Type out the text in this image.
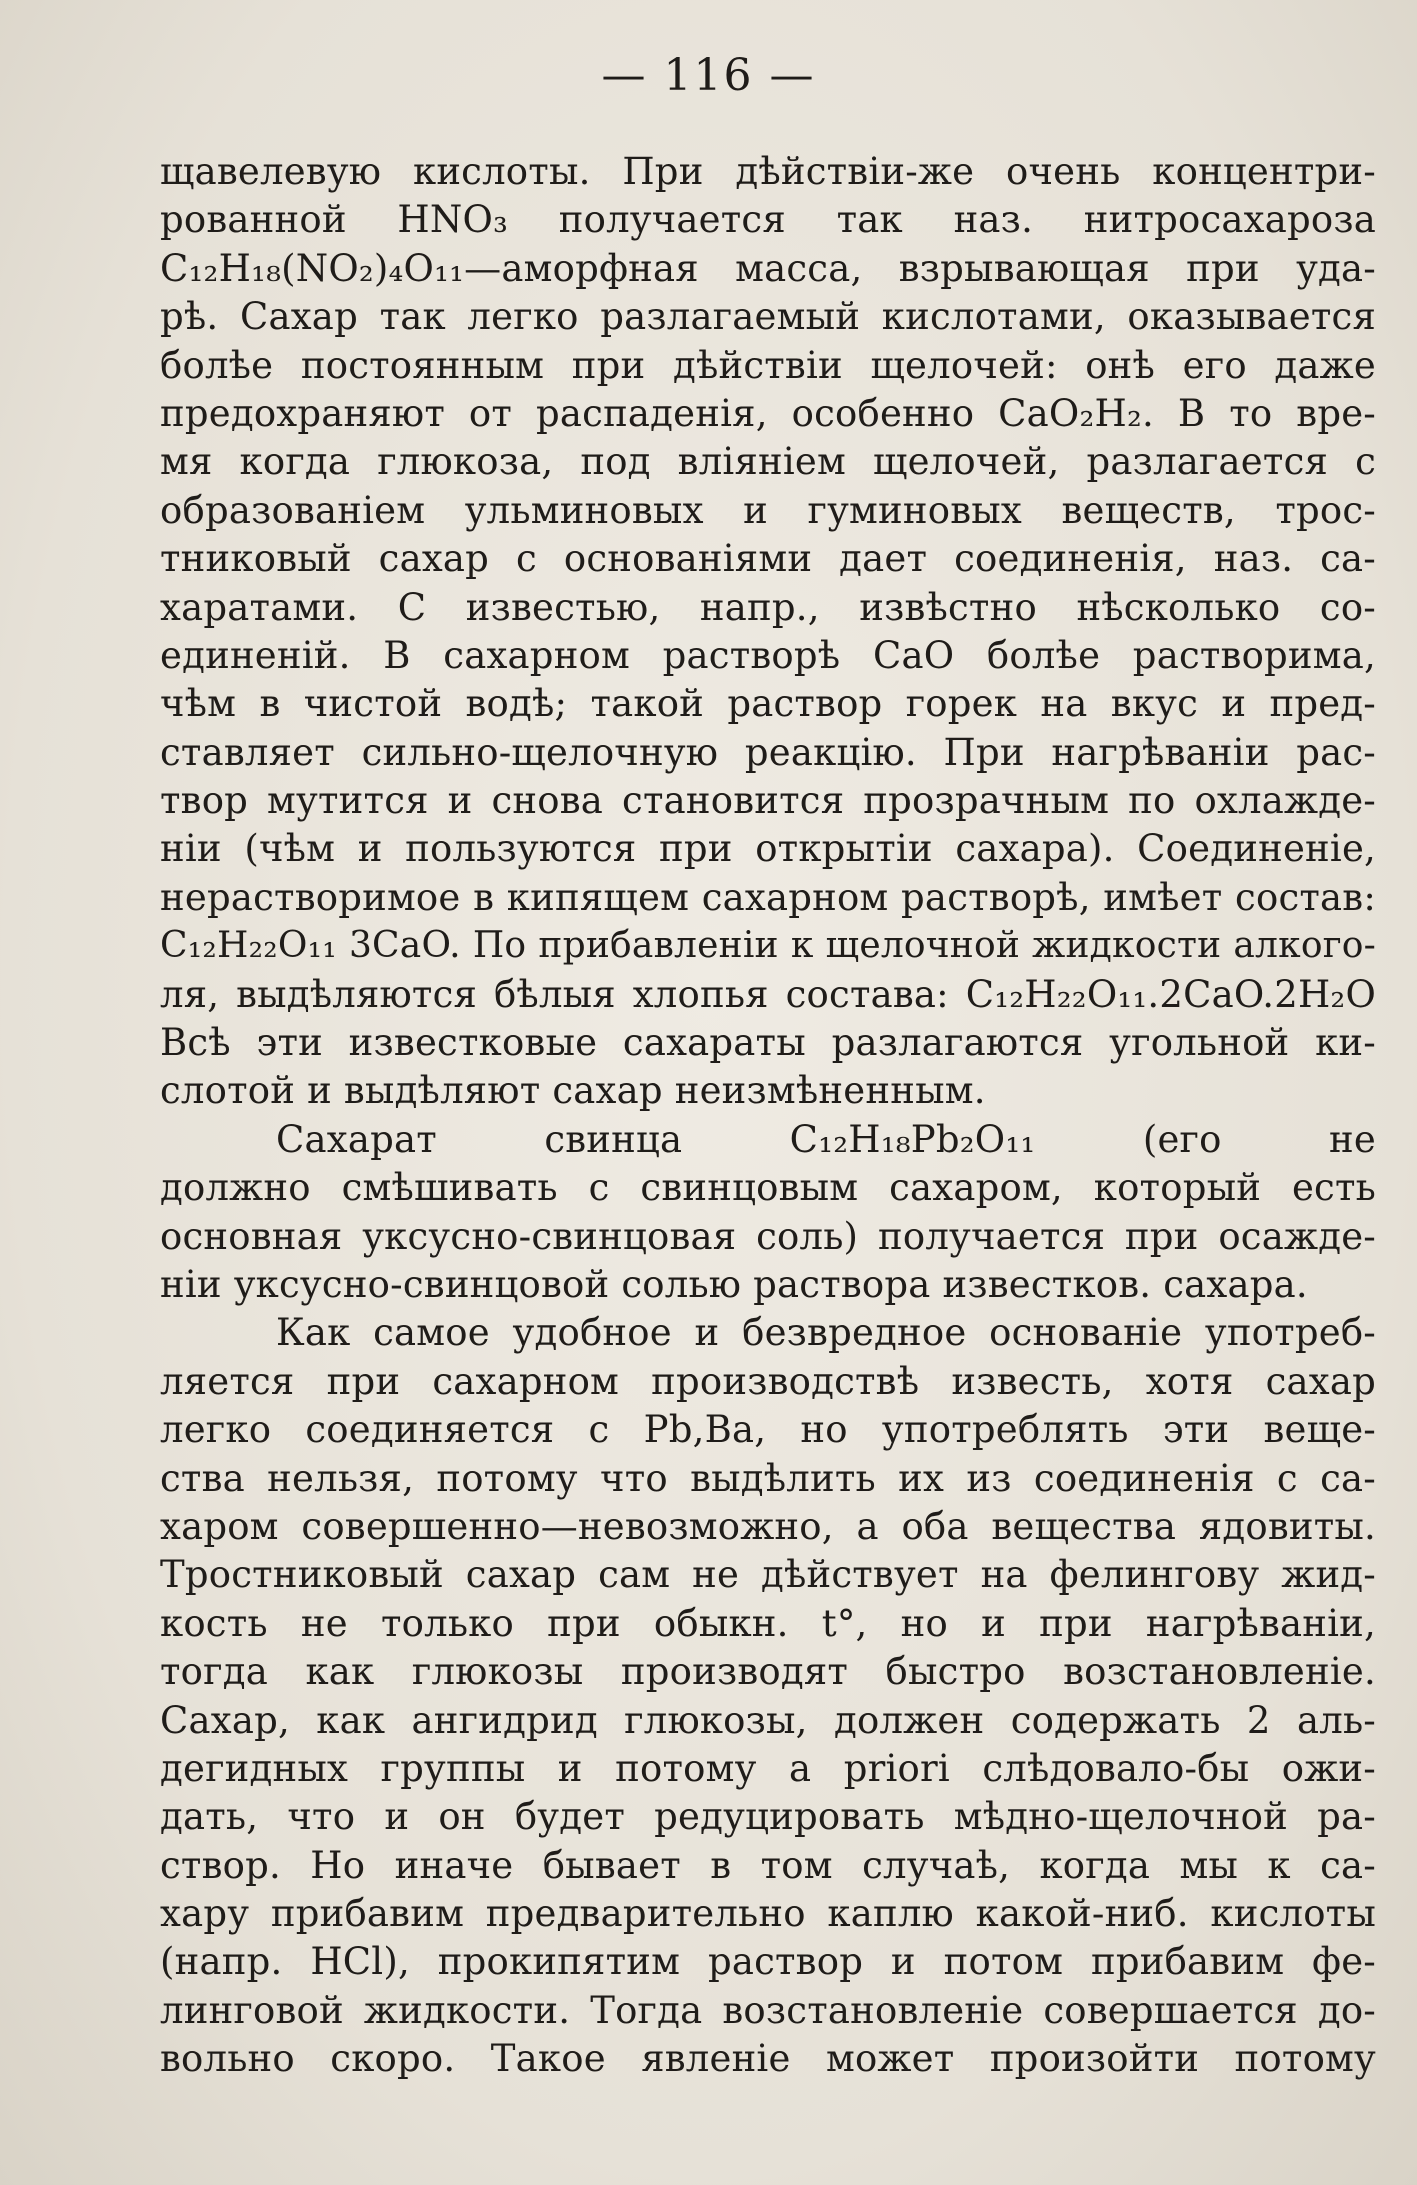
— 116 —
щавелевую кислоты. При дѣйствіи-же очень концентри-
рованной HNO₃ получается так наз. нитросахароза
C₁₂H₁₈(NO₂)₄O₁₁—аморфная масса, взрывающая при уда-
рѣ. Сахар так легко разлагаемый кислотами, оказывается
болѣе постоянным при дѣйствіи щелочей: онѣ его даже
предохраняют от распаденія, особенно CaO₂H₂. В то вре-
мя когда глюкоза, под вліяніем щелочей, разлагается с
образованіем ульминовых и гуминовых веществ, трос-
тниковый сахар с основаніями дает соединенія, наз. са-
харатами. С известью, напр., извѣстно нѣсколько со-
единеній. В сахарном растворѣ CaO болѣе растворима,
чѣм в чистой водѣ; такой раствор горек на вкус и пред-
ставляет сильно-щелочную реакцію. При нагрѣваніи рас-
твор мутится и снова становится прозрачным по охлажде-
ніи (чѣм и пользуются при открытіи сахара). Соединеніе,
нерастворимое в кипящем сахарном растворѣ, имѣет состав:
C₁₂H₂₂O₁₁ 3CaO. По прибавленіи к щелочной жидкости алкого-
ля, выдѣляются бѣлыя хлопья состава: C₁₂H₂₂O₁₁.2CaO.2H₂O
Всѣ эти известковые сахараты разлагаются угольной ки-
слотой и выдѣляют сахар неизмѣненным.
Сахарат свинца C₁₂H₁₈Pb₂O₁₁ (его не
должно смѣшивать с свинцовым сахаром, который есть
основная уксусно-свинцовая соль) получается при осажде-
ніи уксусно-свинцовой солью раствора известков. сахара.
Как самое удобное и безвредное основаніе употреб-
ляется при сахарном производствѣ известь, хотя сахар
легко соединяется с Pb,Ba, но употреблять эти веще-
ства нельзя, потому что выдѣлить их из соединенія с са-
харом совершенно—невозможно, а оба вещества ядовиты.
Тростниковый сахар сам не дѣйствует на фелингову жид-
кость не только при обыкн. t°, но и при нагрѣваніи,
тогда как глюкозы производят быстро возстановленіе.
Сахар, как ангидрид глюкозы, должен содержать 2 аль-
дегидных группы и потому a priori слѣдовало-бы ожи-
дать, что и он будет редуцировать мѣдно-щелочной ра-
створ. Но иначе бывает в том случаѣ, когда мы к са-
хару прибавим предварительно каплю какой-ниб. кислоты
(напр. HCl), прокипятим раствор и потом прибавим фе-
линговой жидкости. Тогда возстановленіе совершается до-
вольно скоро. Такое явленіе может произойти потому
